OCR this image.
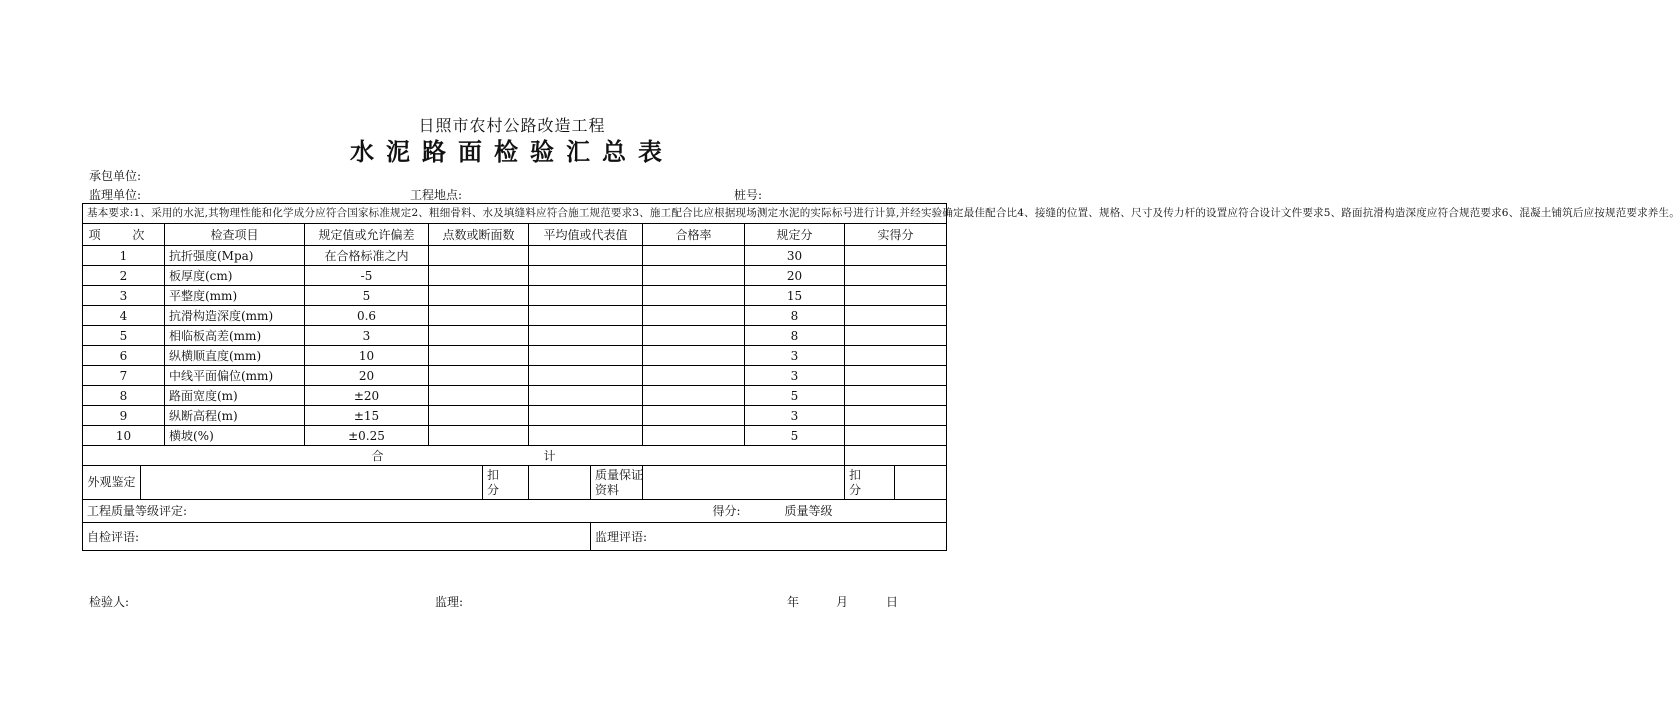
日照市农村公路改造工程
水泥路面检验汇总表
承包单位:
监理单位:	工程地点:	桩号:
基本要求:1、采用的水泥,其物理性能和化学成分应符合国家标准规定2、粗细骨料、水及填缝料应符合施工规范要求3、施工配合比应根据现场测定水泥的实际标号进行计算,并经实验确定最佳配合比4、接缝的位置、规格、尺寸及传力杆的设置应符合设计文件要求5、路面抗滑构造深度应符合规范要求6、混凝土铺筑后应按规范要求养生。											
项 次		检查项目	规定值或允许偏差	点数或断面数		平均值或代表值		合格率	规定分	实得分	
1		抗折强度(Mpa)	在合格标准之内						30		
2		板厚度(cm)	-5						20		
3		平整度(mm)	5						15		
4		抗滑构造深度(mm)	0.6						8		
5		相临板高差(mm)	3						8		
6		纵横顺直度(mm)	10						3		
7		中线平面偏位(mm)	20						3		
8		路面宽度(m)	±20						5		
9		纵断高程(m)	±15						3		
10		横坡(%)	±0.25						5		
合 计											
外观鉴定					扣分		质量保证资料			扣分	

工程质量等级评定:								得分:	质量等级		
自检评语:							监理评语:				
检验人:	监理:	年	月	日
